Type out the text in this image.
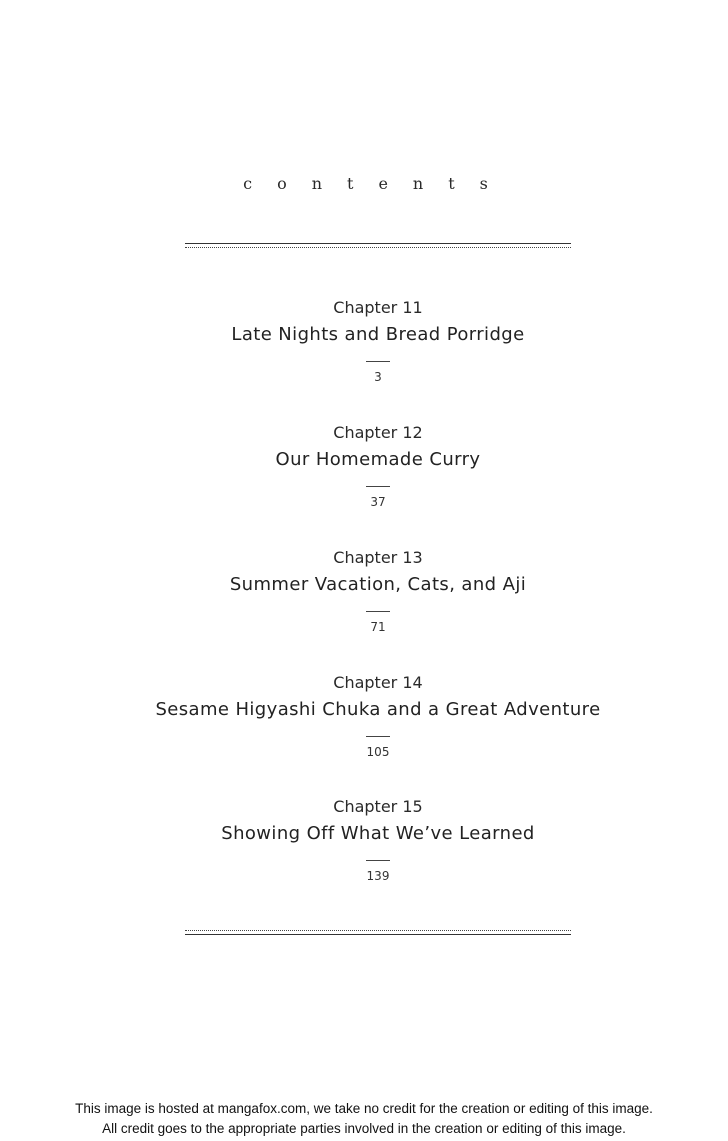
contents
Chapter 11
Late Nights and Bread Porridge
3
Chapter 12
Our Homemade Curry
37
Chapter 13
Summer Vacation, Cats, and Aji
71
Chapter 14
Sesame Higyashi Chuka and a Great Adventure
105
Chapter 15
Showing Off What We’ve Learned
139
This image is hosted at mangafox.com, we take no credit for the creation or editing of this image.
All credit goes to the appropriate parties involved in the creation or editing of this image.
